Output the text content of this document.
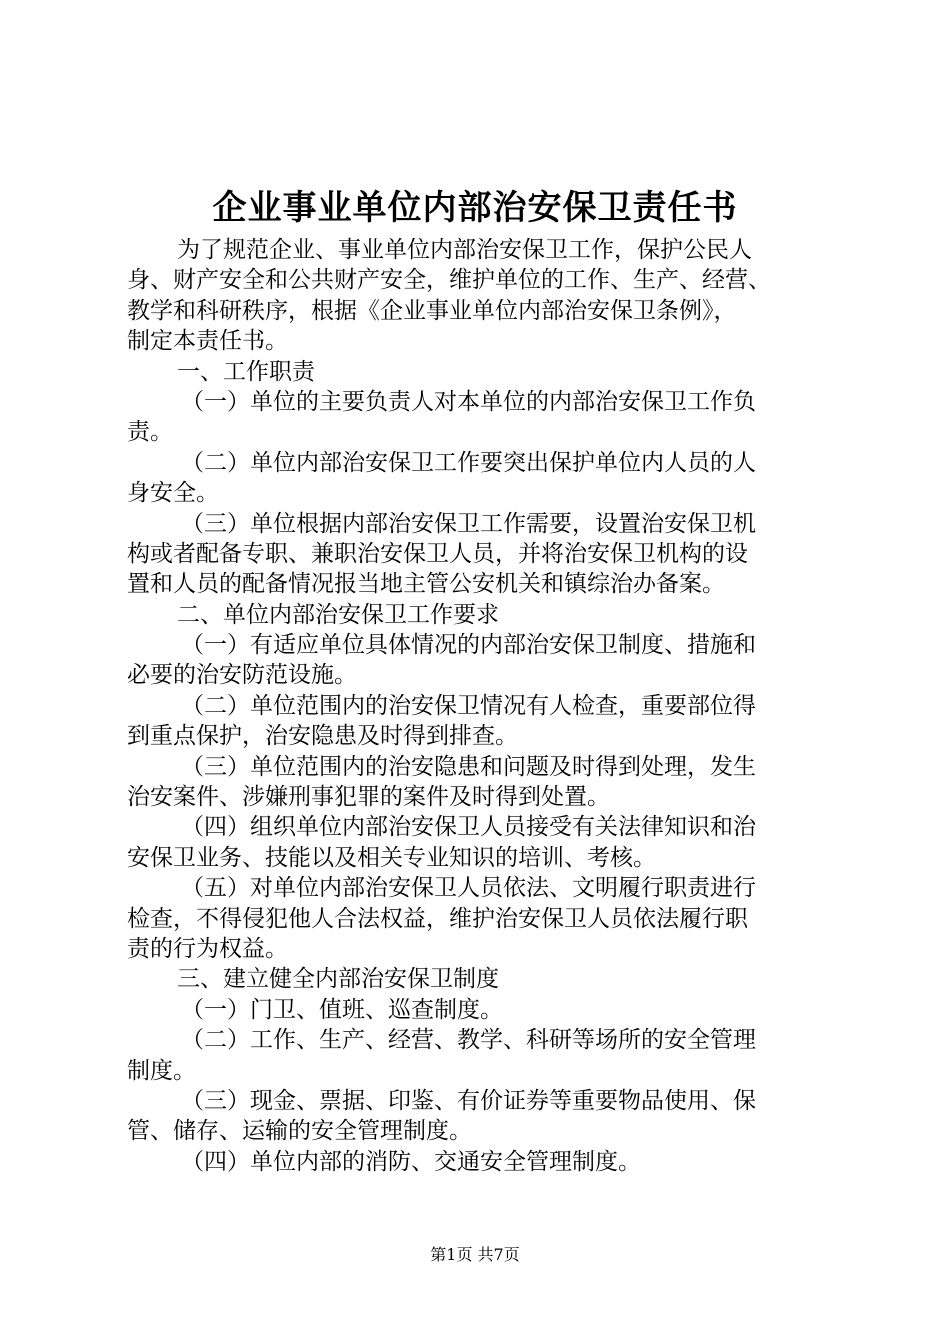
企业事业单位内部治安保卫责任书
为了规范企业、事业单位内部治安保卫工作，保护公民人
身、财产安全和公共财产安全，维护单位的工作、生产、经营、
教学和科研秩序，根据《企业事业单位内部治安保卫条例》，
制定本责任书。
一、工作职责
（一）单位的主要负责人对本单位的内部治安保卫工作负
责。
（二）单位内部治安保卫工作要突出保护单位内人员的人
身安全。
（三）单位根据内部治安保卫工作需要，设置治安保卫机
构或者配备专职、兼职治安保卫人员，并将治安保卫机构的设
置和人员的配备情况报当地主管公安机关和镇综治办备案。
二、单位内部治安保卫工作要求
（一）有适应单位具体情况的内部治安保卫制度、措施和
必要的治安防范设施。
（二）单位范围内的治安保卫情况有人检查，重要部位得
到重点保护，治安隐患及时得到排查。
（三）单位范围内的治安隐患和问题及时得到处理，发生
治安案件、涉嫌刑事犯罪的案件及时得到处置。
（四）组织单位内部治安保卫人员接受有关法律知识和治
安保卫业务、技能以及相关专业知识的培训、考核。
（五）对单位内部治安保卫人员依法、文明履行职责进行
检查，不得侵犯他人合法权益，维护治安保卫人员依法履行职
责的行为权益。
三、建立健全内部治安保卫制度
（一）门卫、值班、巡查制度。
（二）工作、生产、经营、教学、科研等场所的安全管理
制度。
（三）现金、票据、印鉴、有价证券等重要物品使用、保
管、储存、运输的安全管理制度。
（四）单位内部的消防、交通安全管理制度。
第1页 共7页
